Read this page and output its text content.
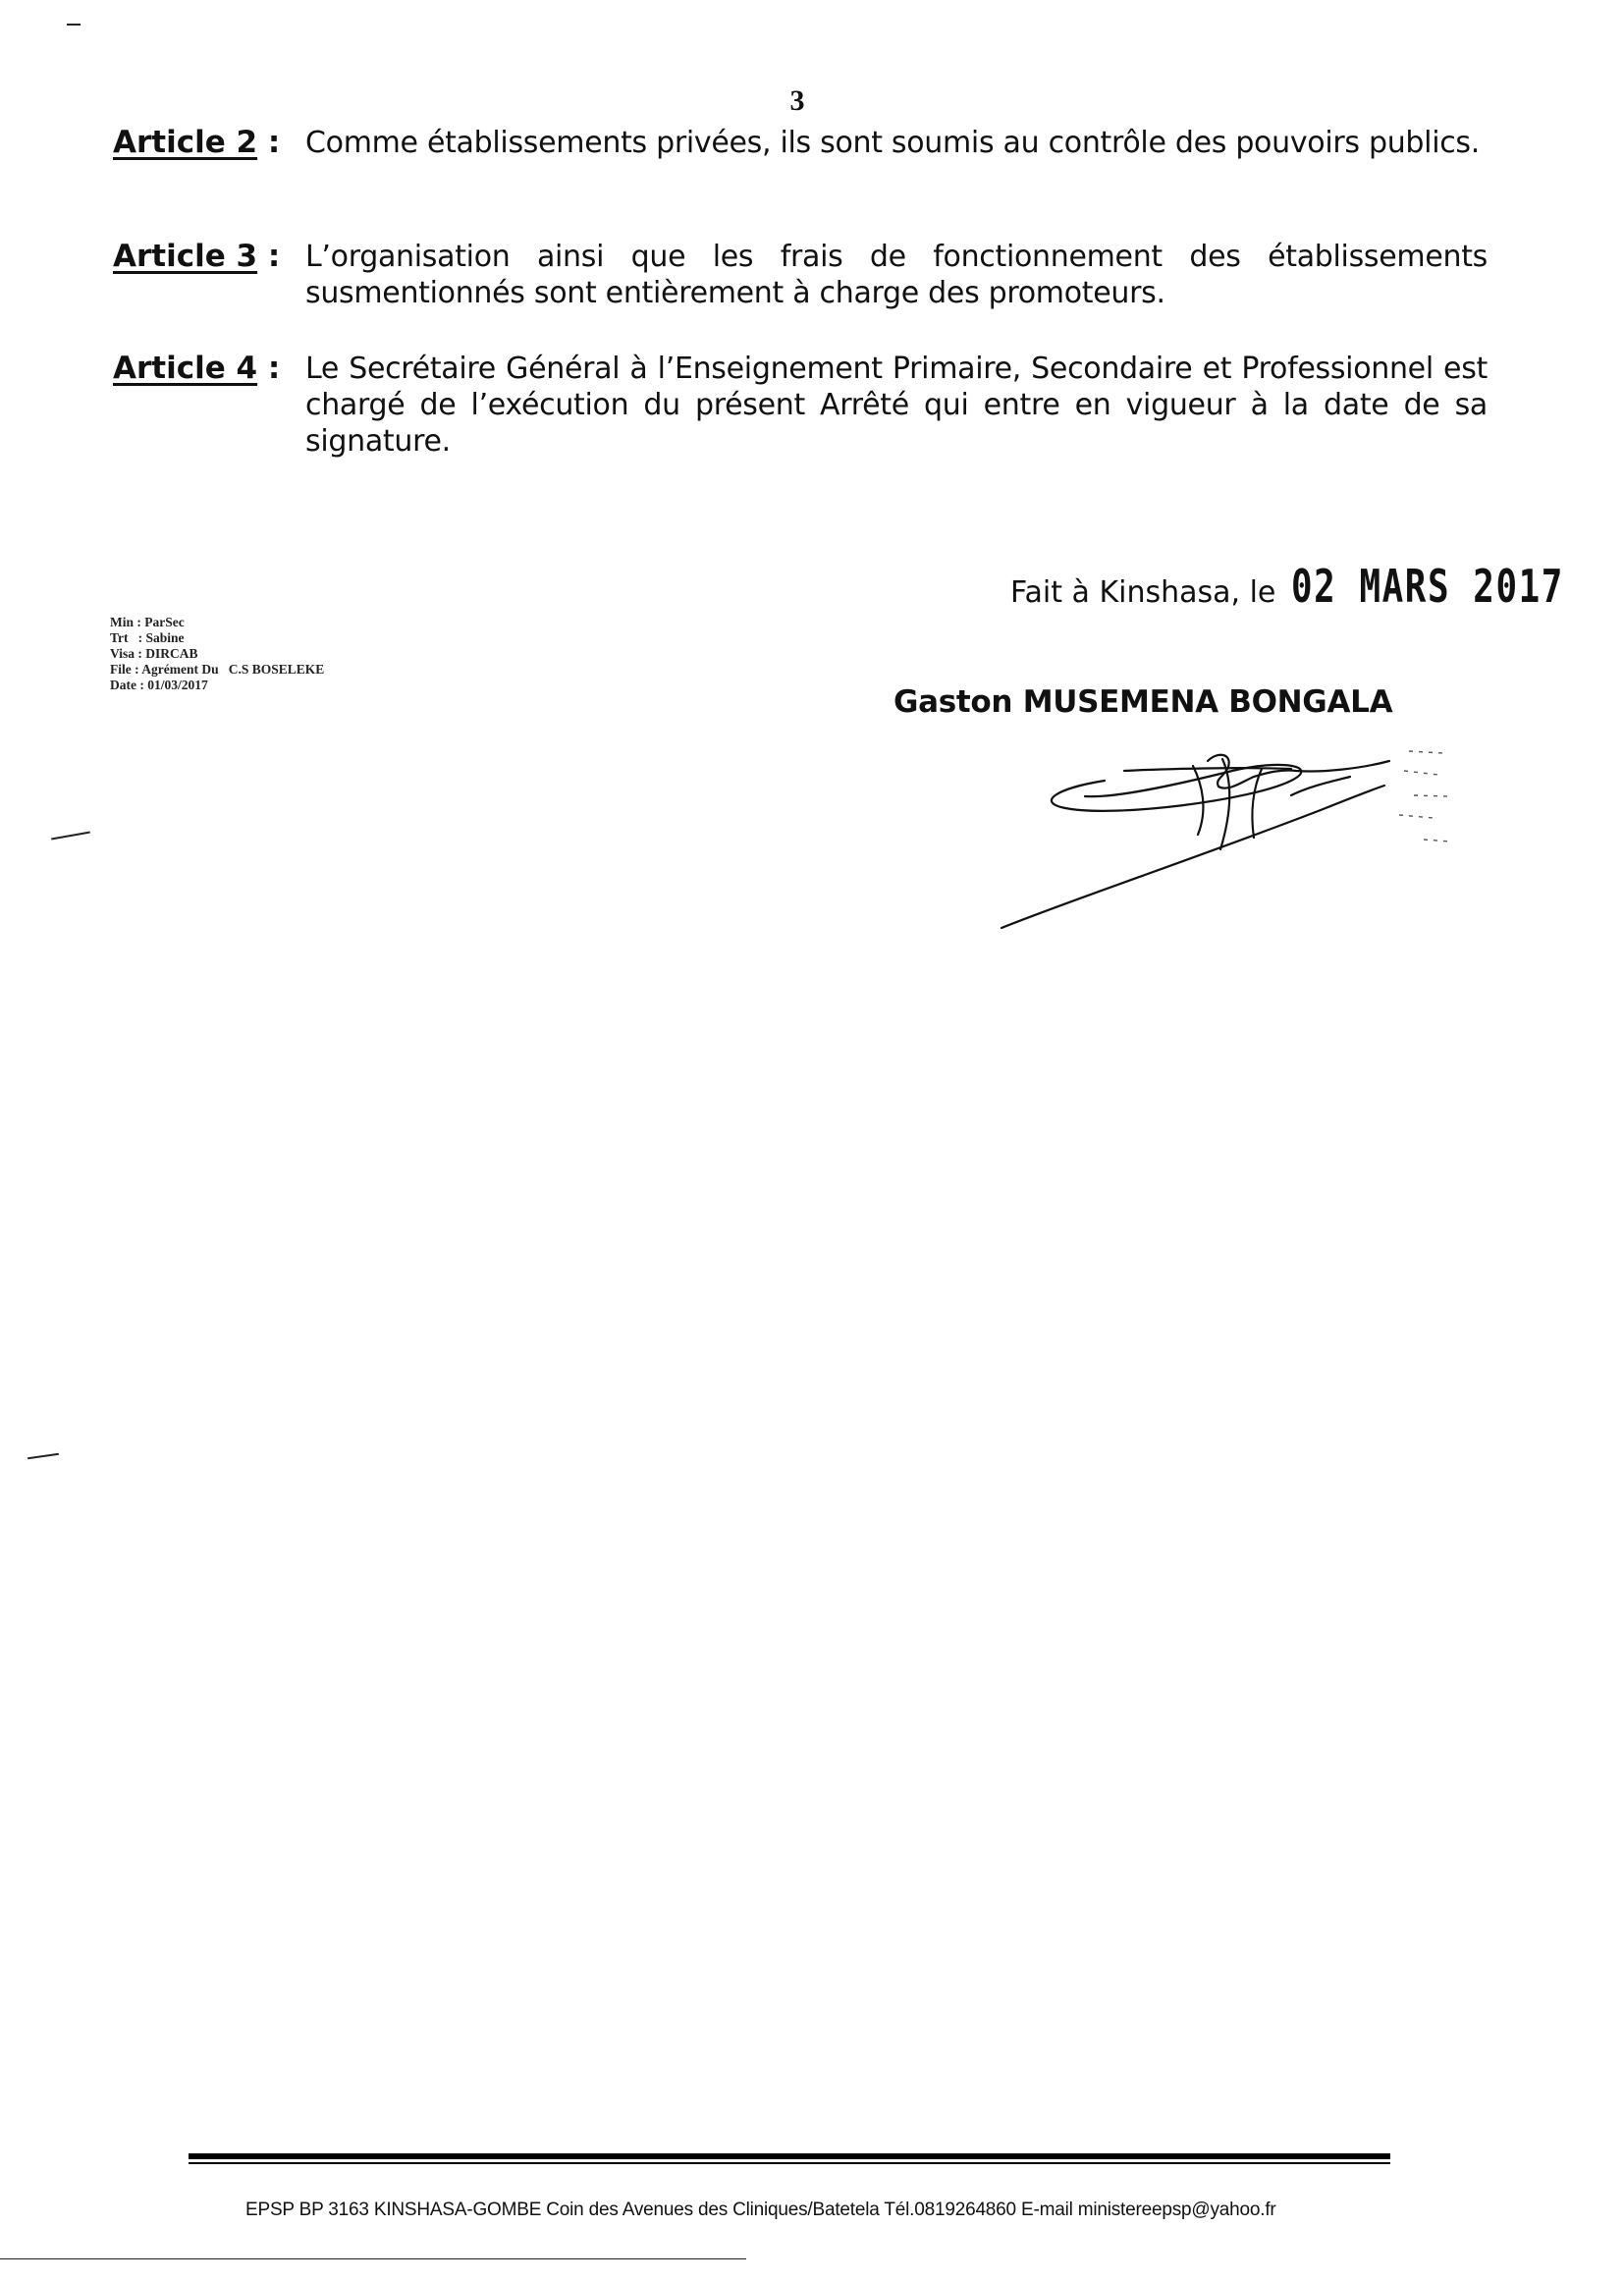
3
Article 2 : Comme établissements privées, ils sont soumis au contrôle des pouvoirs publics.
Article 3 : L’organisation ainsi que les frais de fonctionnement des établissements susmentionnés sont entièrement à charge des promoteurs.
Article 4 : Le Secrétaire Général à l’Enseignement Primaire, Secondaire et Professionnel est chargé de l’exécution du présent Arrêté qui entre en vigueur à la date de sa signature.
Fait à Kinshasa, le 02 MARS 2017
Min : ParSec
Trt   : Sabine
Visa : DIRCAB
File : Agrément Du   C.S BOSELEKE
Date : 01/03/2017	Gaston MUSEMENA BONGALA
EPSP BP 3163 KINSHASA-GOMBE Coin des Avenues des Cliniques/Batetela Tél.0819264860 E-mail ministereepsp@yahoo.fr
